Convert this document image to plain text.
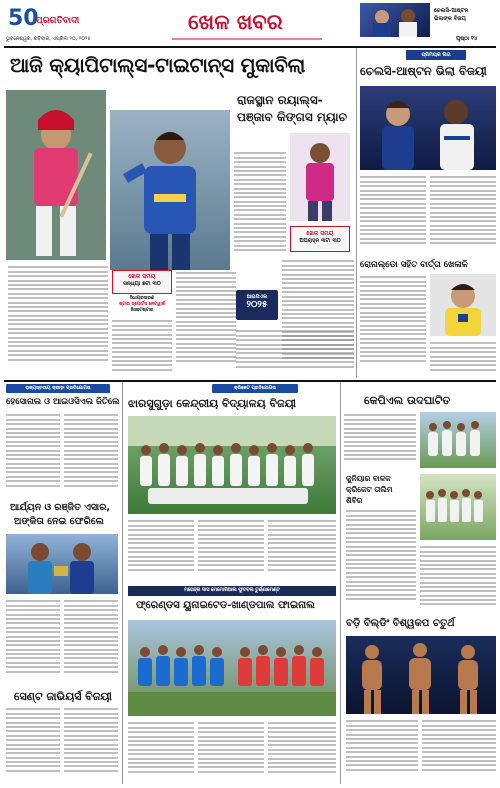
50
ପ୍ରଗତିବାଦୀ
ଭୁବନେଶ୍ୱର, ରବିବାର, ଏପ୍ରିଲ ୨୦, ୨୦୨୫
ଖେଳ ଖବର	ଚେଲସି-ଆଷ୍ଟନ
ଭିଲାଙ୍କ ବିଜୟ
ପୃଷ୍ଠା ୧୪
ଆଜି କ୍ୟାପିଟାଲ୍ସ-ଟାଇଟାନ୍ସ ମୁକାବିଲା
ରାଜସ୍ଥାନ ରୟାଲ୍ସ-
ପଞ୍ଜାବ କିଙ୍ଗସ ମ୍ୟାଚ
ଖେଳ ସମୟ
ଅପରାହ୍ନ ୩ଟା ୩୦
ଖେଳ ସମୟ
ସନ୍ଧ୍ୟା ୭ଟା ୩୦
ସିଧାପ୍ରସାରଣ
ଷ୍ଟାର ସ୍ପୋର୍ଟସ ନେଟୱାର୍କ
ଜିଓହଟଷ୍ଟାର
ଆଇପିଏଲ
୨୦୨୫
ପ୍ରିମିୟର ଲିଗ
ଚେଲସି-ଆଷ୍ଟନ ଭିଲା ବିଜୟୀ
ରୋନାଲ୍ଡୋ ସହିତ ବାର୍ତ୍ତା ଖେଳାଳି
ରାଜ୍ୟସ୍ତରୀୟ କ୍ରୀଡ଼ା ପ୍ରତିଯୋଗିତା
ହେସୋନାଲ ଓ ଆଇଓସିଏଲ ଜିତିଲେ
ଆର୍ଯ୍ୟନ ଓ ରଞ୍ଜିତ ଏସାର,
ଅଙ୍କିତା ନେଇ ଫେରିଲେ
ସେଣ୍ଟ ଜାଭିୟର୍ସ ବିଜୟୀ
କ୍ରିକେଟ ପ୍ରତିଯୋଗିତା
ଝାରସୁଗୁଡ଼ା କେନ୍ଦ୍ରୀୟ ବିଦ୍ୟାଳୟ ବିଜୟୀ
ମହେନ୍ଦ୍ର ଦାସ ମେମୋରିଆଲ ଫୁଟବଲ ଟୁର୍ଣ୍ଣାମେଣ୍ଟ
ଫ୍ରେଣ୍ଡସ ୟୁନାଇଟେଡ-ଖାଣ୍ଡପାଲ ଫାଇନାଲ
କେପିଏଲ ଉଦଘାଟିତ
କୁନିୟାର ବାଳକ
କ୍ରିକେଟ ତାଲିମ
ଶିବିର
ବଡ଼ି ବିଲ୍ଡିଂ ବିଶ୍ୱକପ ଚତୁର୍ଥ
